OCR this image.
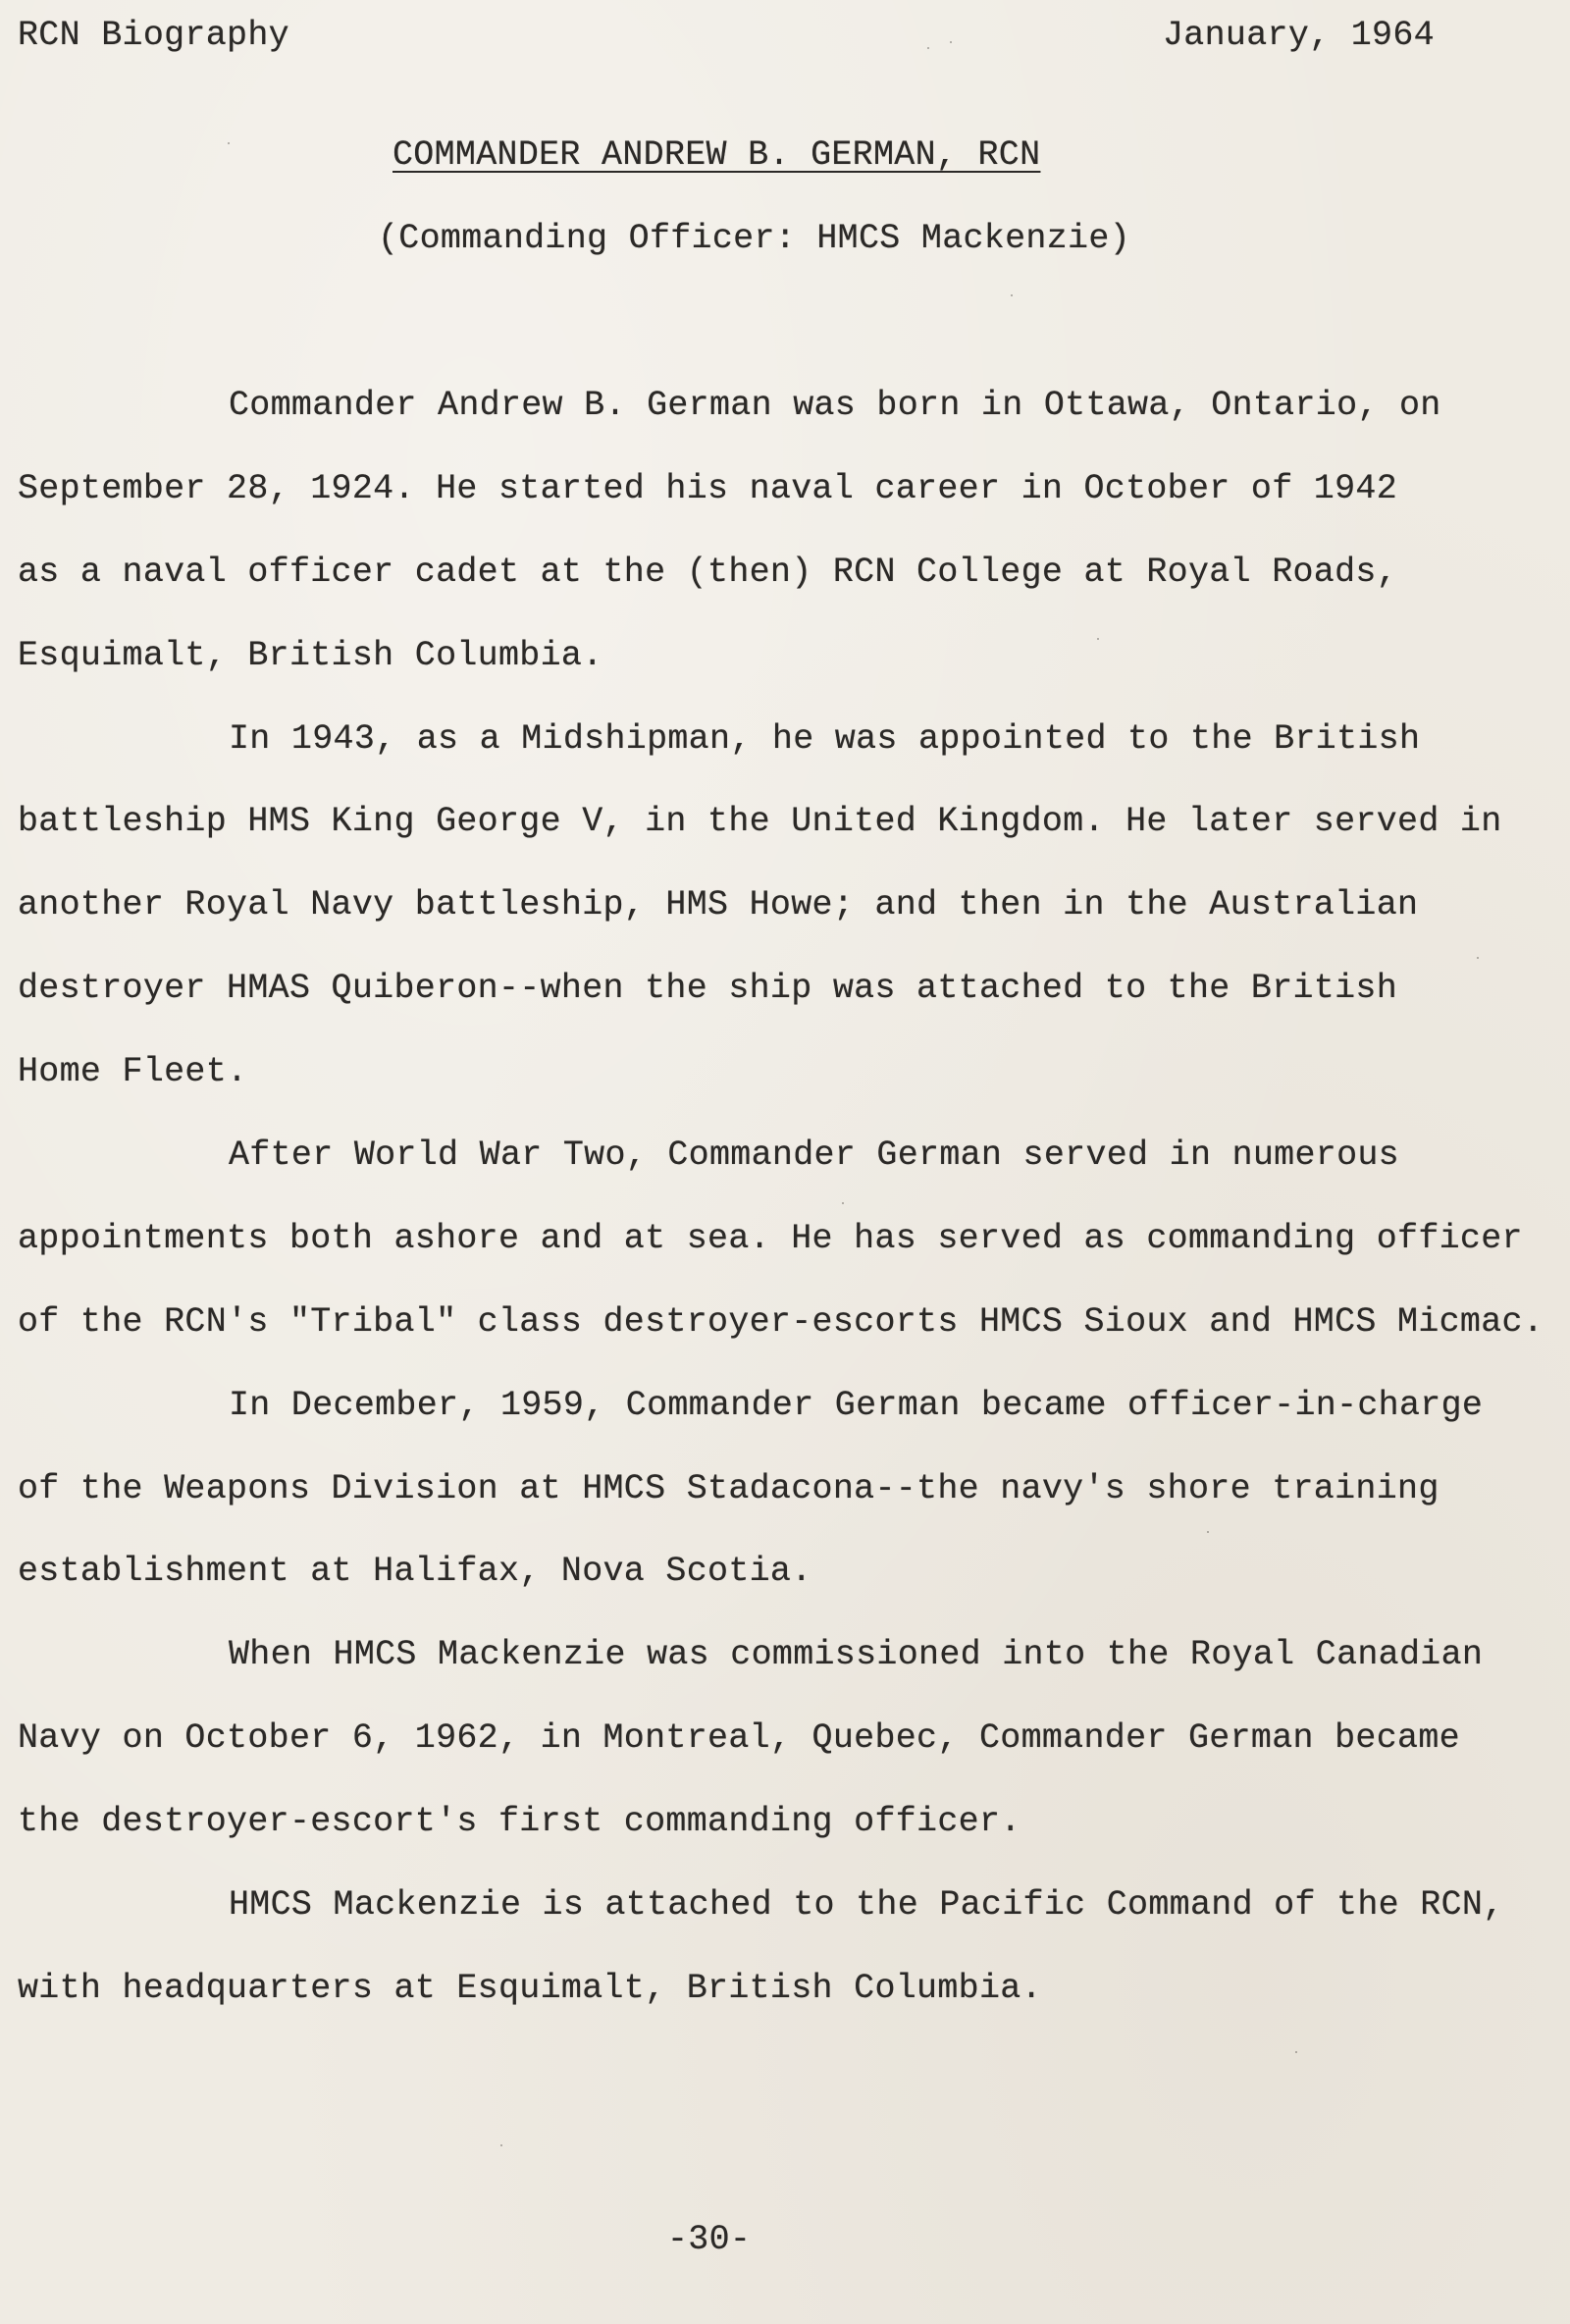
RCN Biography	January, 1964
COMMANDER ANDREW B. GERMAN, RCN
(Commanding Officer: HMCS Mackenzie)
Commander Andrew B. German was born in Ottawa, Ontario, on
September 28, 1924. He started his naval career in October of 1942
as a naval officer cadet at the (then) RCN College at Royal Roads,
Esquimalt, British Columbia.
In 1943, as a Midshipman, he was appointed to the British
battleship HMS King George V, in the United Kingdom. He later served in
another Royal Navy battleship, HMS Howe; and then in the Australian
destroyer HMAS Quiberon--when the ship was attached to the British
Home Fleet.
After World War Two, Commander German served in numerous
appointments both ashore and at sea. He has served as commanding officer
of the RCN's "Tribal" class destroyer-escorts HMCS Sioux and HMCS Micmac.
In December, 1959, Commander German became officer-in-charge
of the Weapons Division at HMCS Stadacona--the navy's shore training
establishment at Halifax, Nova Scotia.
When HMCS Mackenzie was commissioned into the Royal Canadian
Navy on October 6, 1962, in Montreal, Quebec, Commander German became
the destroyer-escort's first commanding officer.
HMCS Mackenzie is attached to the Pacific Command of the RCN,
with headquarters at Esquimalt, British Columbia.
-30-
